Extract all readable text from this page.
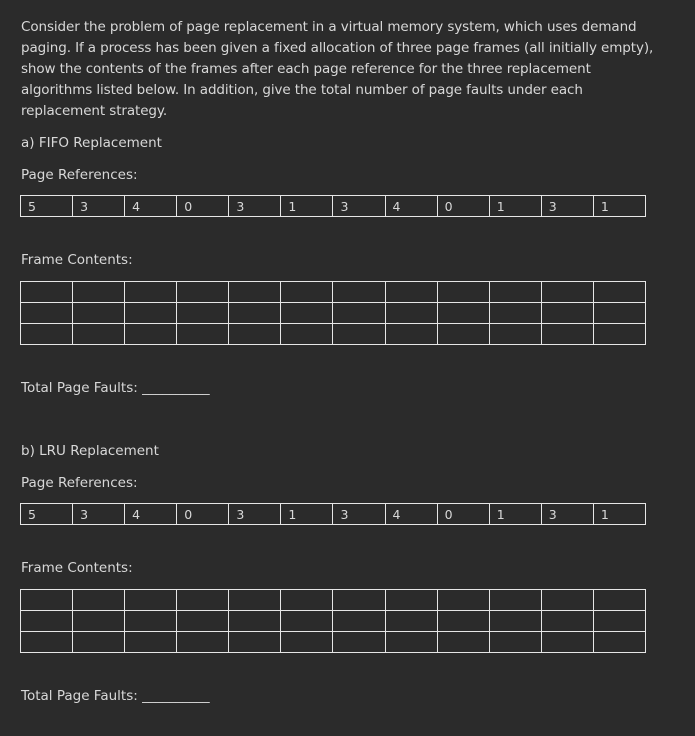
Consider the problem of page replacement in a virtual memory system, which uses demand paging. If a process has been given a fixed allocation of three page frames (all initially empty), show the contents of the frames after each page reference for the three replacement algorithms listed below. In addition, give the total number of page faults under each replacement strategy.

a) FIFO Replacement

Page References:

5	3	4	0	3	1	3	4	0	1	3	1

Frame Contents:

Total Page Faults: __________

b) LRU Replacement

Page References:

5	3	4	0	3	1	3	4	0	1	3	1

Frame Contents:

Total Page Faults: __________
